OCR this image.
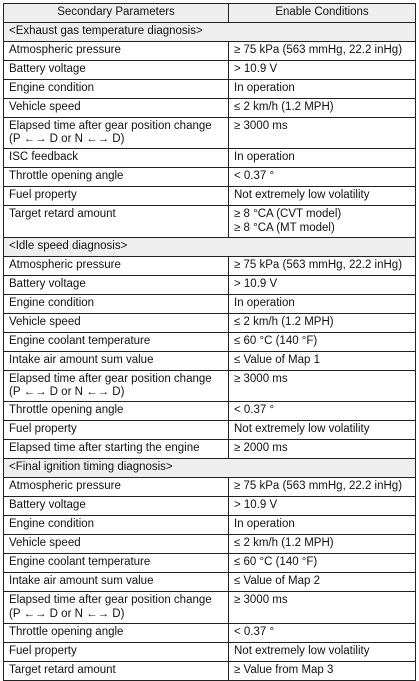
Secondary Parameters	Enable Conditions
<Exhaust gas temperature diagnosis>	
Atmospheric pressure	≥ 75 kPa (563 mmHg, 22.2 inHg)
Battery voltage	> 10.9 V
Engine condition	In operation
Vehicle speed	≤ 2 km/h (1.2 MPH)
Elapsed time after gear position change
(P ←→ D or N ←→ D)	≥ 3000 ms
ISC feedback	In operation
Throttle opening angle	< 0.37 °
Fuel property	Not extremely low volatility
Target retard amount	≥ 8 °CA (CVT model)
≥ 8 °CA (MT model)
<Idle speed diagnosis>	
Atmospheric pressure	≥ 75 kPa (563 mmHg, 22.2 inHg)
Battery voltage	> 10.9 V
Engine condition	In operation
Vehicle speed	≤ 2 km/h (1.2 MPH)
Engine coolant temperature	≤ 60 °C (140 °F)
Intake air amount sum value	≤ Value of Map 1
Elapsed time after gear position change
(P ←→ D or N ←→ D)	≥ 3000 ms
Throttle opening angle	< 0.37 °
Fuel property	Not extremely low volatility
Elapsed time after starting the engine	≥ 2000 ms
<Final ignition timing diagnosis>	
Atmospheric pressure	≥ 75 kPa (563 mmHg, 22.2 inHg)
Battery voltage	> 10.9 V
Engine condition	In operation
Vehicle speed	≤ 2 km/h (1.2 MPH)
Engine coolant temperature	≤ 60 °C (140 °F)
Intake air amount sum value	≤ Value of Map 2
Elapsed time after gear position change
(P ←→ D or N ←→ D)	≥ 3000 ms
Throttle opening angle	< 0.37 °
Fuel property	Not extremely low volatility
Target retard amount	≥ Value from Map 3
